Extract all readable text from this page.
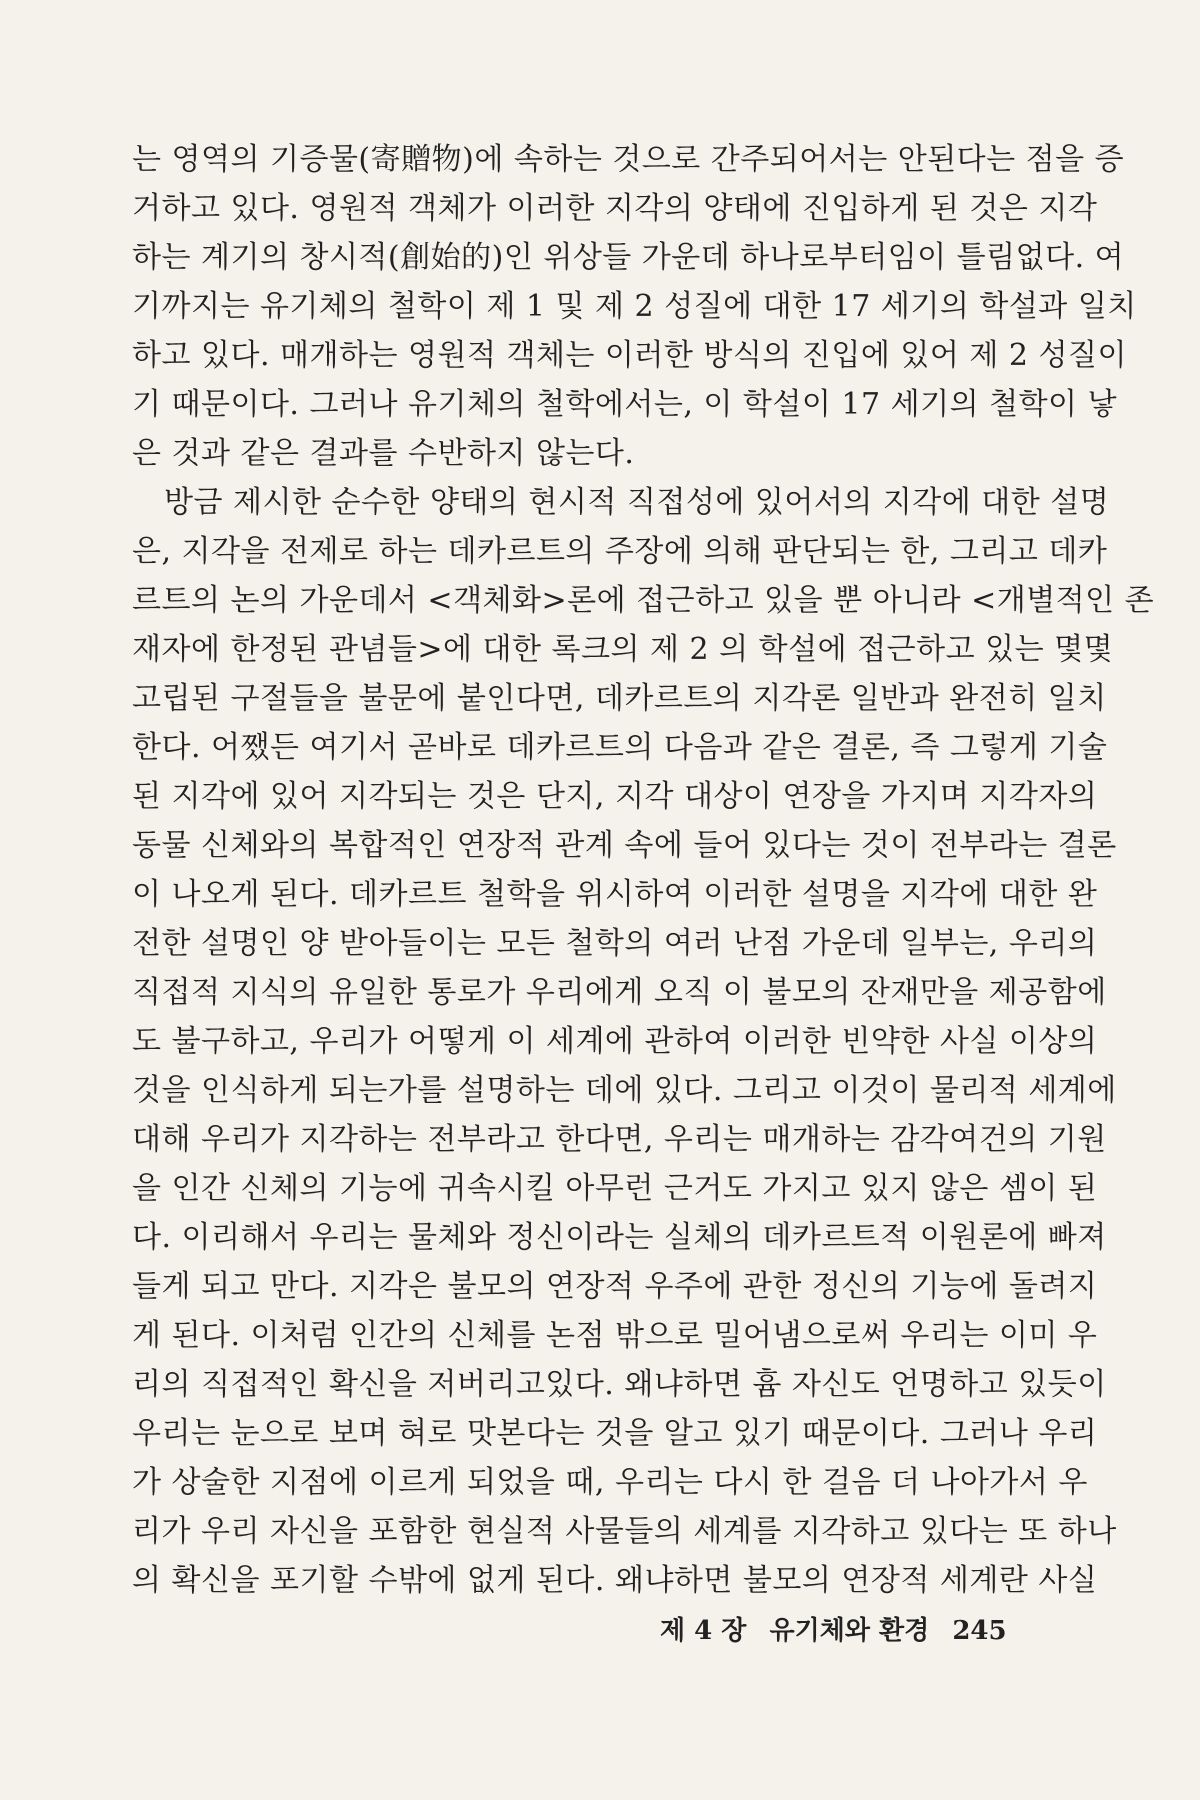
는 영역의 기증물(寄贈物)에 속하는 것으로 간주되어서는 안된다는 점을 증
거하고 있다. 영원적 객체가 이러한 지각의 양태에 진입하게 된 것은 지각
하는 계기의 창시적(創始的)인 위상들 가운데 하나로부터임이 틀림없다. 여
기까지는 유기체의 철학이 제 1 및 제 2 성질에 대한 17 세기의 학설과 일치
하고 있다. 매개하는 영원적 객체는 이러한 방식의 진입에 있어 제 2 성질이
기 때문이다. 그러나 유기체의 철학에서는, 이 학설이 17 세기의 철학이 낳
은 것과 같은 결과를 수반하지 않는다.
방금 제시한 순수한 양태의 현시적 직접성에 있어서의 지각에 대한 설명
은, 지각을 전제로 하는 데카르트의 주장에 의해 판단되는 한, 그리고 데카
르트의 논의 가운데서 <객체화>론에 접근하고 있을 뿐 아니라 <개별적인 존
재자에 한정된 관념들>에 대한 록크의 제 2 의 학설에 접근하고 있는 몇몇
고립된 구절들을 불문에 붙인다면, 데카르트의 지각론 일반과 완전히 일치
한다. 어쨌든 여기서 곧바로 데카르트의 다음과 같은 결론, 즉 그렇게 기술
된 지각에 있어 지각되는 것은 단지, 지각 대상이 연장을 가지며 지각자의
동물 신체와의 복합적인 연장적 관계 속에 들어 있다는 것이 전부라는 결론
이 나오게 된다. 데카르트 철학을 위시하여 이러한 설명을 지각에 대한 완
전한 설명인 양 받아들이는 모든 철학의 여러 난점 가운데 일부는, 우리의
직접적 지식의 유일한 통로가 우리에게 오직 이 불모의 잔재만을 제공함에
도 불구하고, 우리가 어떻게 이 세계에 관하여 이러한 빈약한 사실 이상의
것을 인식하게 되는가를 설명하는 데에 있다. 그리고 이것이 물리적 세계에
대해 우리가 지각하는 전부라고 한다면, 우리는 매개하는 감각여건의 기원
을 인간 신체의 기능에 귀속시킬 아무런 근거도 가지고 있지 않은 셈이 된
다. 이리해서 우리는 물체와 정신이라는 실체의 데카르트적 이원론에 빠져
들게 되고 만다. 지각은 불모의 연장적 우주에 관한 정신의 기능에 돌려지
게 된다. 이처럼 인간의 신체를 논점 밖으로 밀어냄으로써 우리는 이미 우
리의 직접적인 확신을 저버리고있다. 왜냐하면 흄 자신도 언명하고 있듯이
우리는 눈으로 보며 혀로 맛본다는 것을 알고 있기 때문이다. 그러나 우리
가 상술한 지점에 이르게 되었을 때, 우리는 다시 한 걸음 더 나아가서 우
리가 우리 자신을 포함한 현실적 사물들의 세계를 지각하고 있다는 또 하나
의 확신을 포기할 수밖에 없게 된다. 왜냐하면 불모의 연장적 세계란 사실
제 4 장 유기체와 환경 245
